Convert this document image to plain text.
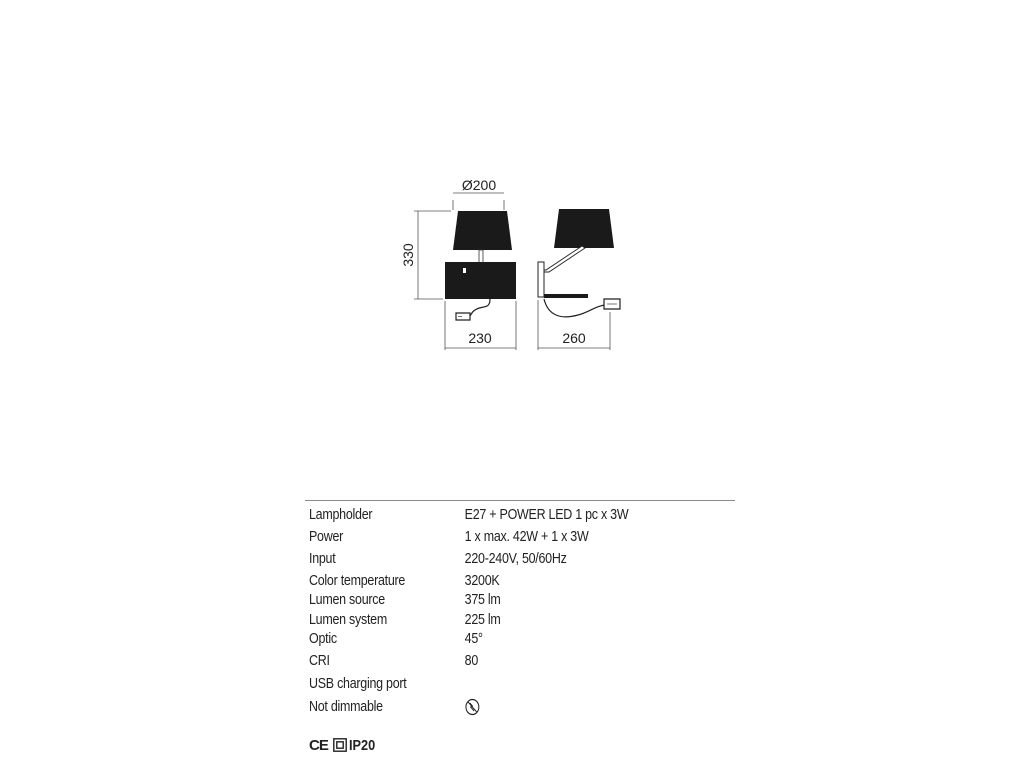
Ø200
330
230	260
Lampholder	E27 + POWER LED 1 pc x 3W
Power	1 x max. 42W + 1 x 3W
Input	220-240V, 50/60Hz
Color temperature	3200K
Lumen source	375 lm
Lumen system	225 lm
Optic	45°
CRI	80
USB charging port
Not dimmable
CE IP20
